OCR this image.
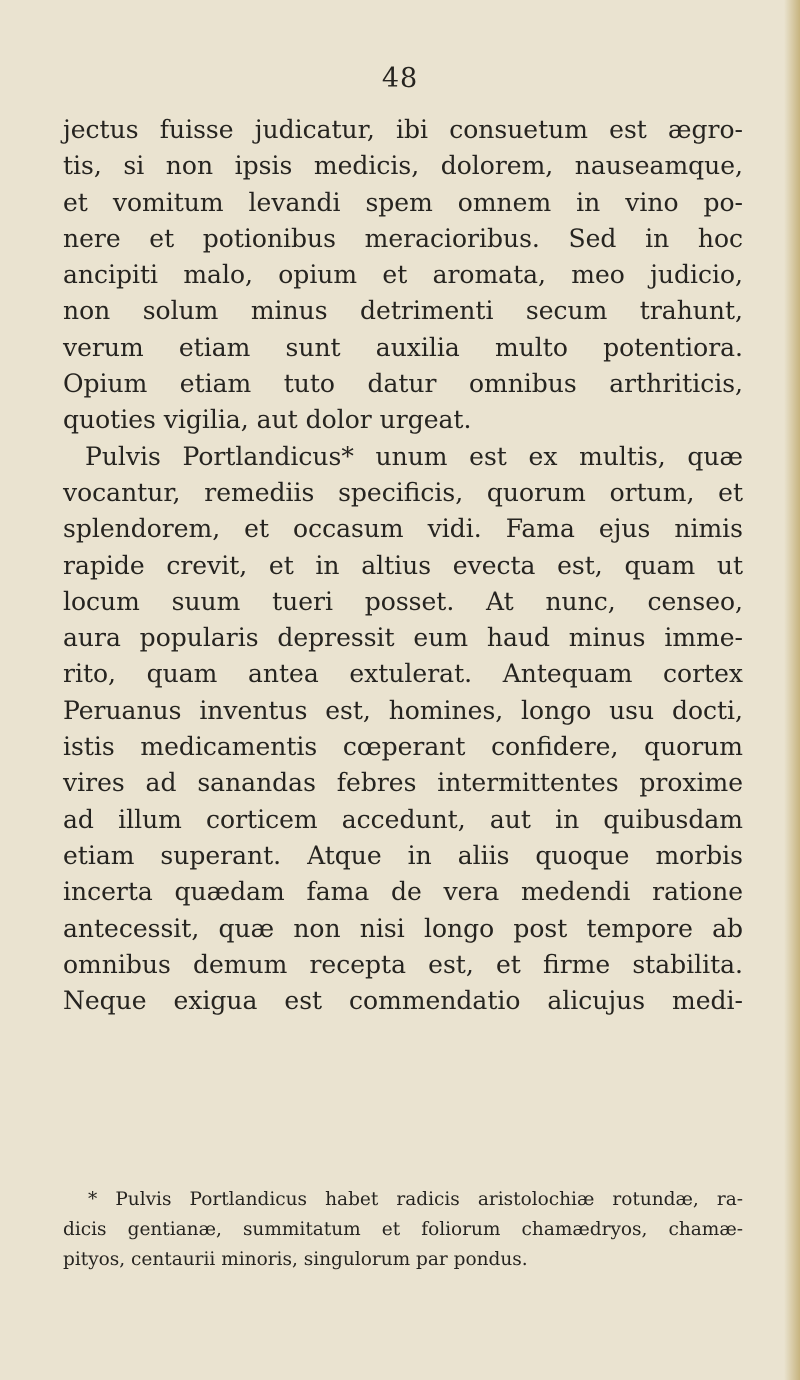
48
jectus fuisse judicatur, ibi consuetum est ægro-
tis, si non ipsis medicis, dolorem, nauseamque,
et vomitum levandi spem omnem in vino po-
nere et potionibus meracioribus. Sed in hoc
ancipiti malo, opium et aromata, meo judicio,
non solum minus detrimenti secum trahunt,
verum etiam sunt auxilia multo potentiora.
Opium etiam tuto datur omnibus arthriticis,
quoties vigilia, aut dolor urgeat.
Pulvis Portlandicus* unum est ex multis, quæ
vocantur, remediis specificis, quorum ortum, et
splendorem, et occasum vidi. Fama ejus nimis
rapide crevit, et in altius evecta est, quam ut
locum suum tueri posset. At nunc, censeo,
aura popularis depressit eum haud minus imme-
rito, quam antea extulerat. Antequam cortex
Peruanus inventus est, homines, longo usu docti,
istis medicamentis cœperant confidere, quorum
vires ad sanandas febres intermittentes proxime
ad illum corticem accedunt, aut in quibusdam
etiam superant. Atque in aliis quoque morbis
incerta quædam fama de vera medendi ratione
antecessit, quæ non nisi longo post tempore ab
omnibus demum recepta est, et firme stabilita.
Neque exigua est commendatio alicujus medi-
* Pulvis Portlandicus habet radicis aristolochiæ rotundæ, ra-
dicis gentianæ, summitatum et foliorum chamædryos, chamæ-
pityos, centaurii minoris, singulorum par pondus.
